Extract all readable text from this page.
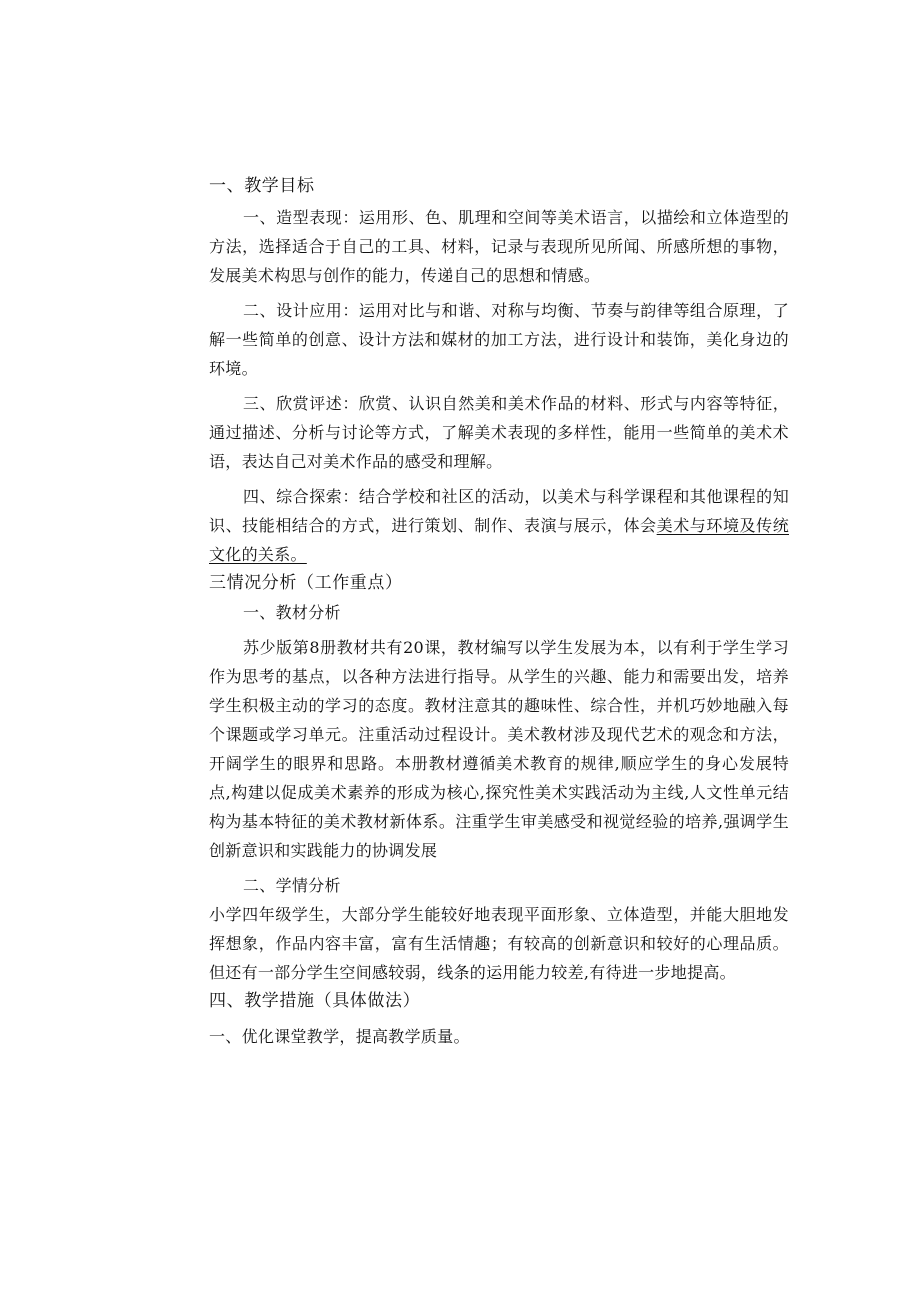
一、教学目标

一、造型表现：运用形、色、肌理和空间等美术语言，以描绘和立体造型的方法，选择适合于自己的工具、材料，记录与表现所见所闻、所感所想的事物，发展美术构思与创作的能力，传递自己的思想和情感。

二、设计应用：运用对比与和谐、对称与均衡、节奏与韵律等组合原理，了解一些简单的创意、设计方法和媒材的加工方法，进行设计和装饰，美化身边的环境。

三、欣赏评述：欣赏、认识自然美和美术作品的材料、形式与内容等特征，通过描述、分析与讨论等方式，了解美术表现的多样性，能用一些简单的美术术语，表达自己对美术作品的感受和理解。

四、综合探索：结合学校和社区的活动，以美术与科学课程和其他课程的知识、技能相结合的方式，进行策划、制作、表演与展示，体会美术与环境及传统文化的关系。

三情况分析（工作重点）

一、教材分析

苏少版第8册教材共有20课，教材编写以学生发展为本，以有利于学生学习作为思考的基点，以各种方法进行指导。从学生的兴趣、能力和需要出发，培养学生积极主动的学习的态度。教材注意其的趣味性、综合性，并机巧妙地融入每个课题或学习单元。注重活动过程设计。美术教材涉及现代艺术的观念和方法，开阔学生的眼界和思路。本册教材遵循美术教育的规律,顺应学生的身心发展特点,构建以促成美术素养的形成为核心,探究性美术实践活动为主线,人文性单元结构为基本特征的美术教材新体系。注重学生审美感受和视觉经验的培养,强调学生创新意识和实践能力的协调发展

二、学情分析

小学四年级学生，大部分学生能较好地表现平面形象、立体造型，并能大胆地发挥想象，作品内容丰富，富有生活情趣；有较高的创新意识和较好的心理品质。但还有一部分学生空间感较弱，线条的运用能力较差,有待进一步地提高。

四、教学措施（具体做法）

一、优化课堂教学，提高教学质量。
